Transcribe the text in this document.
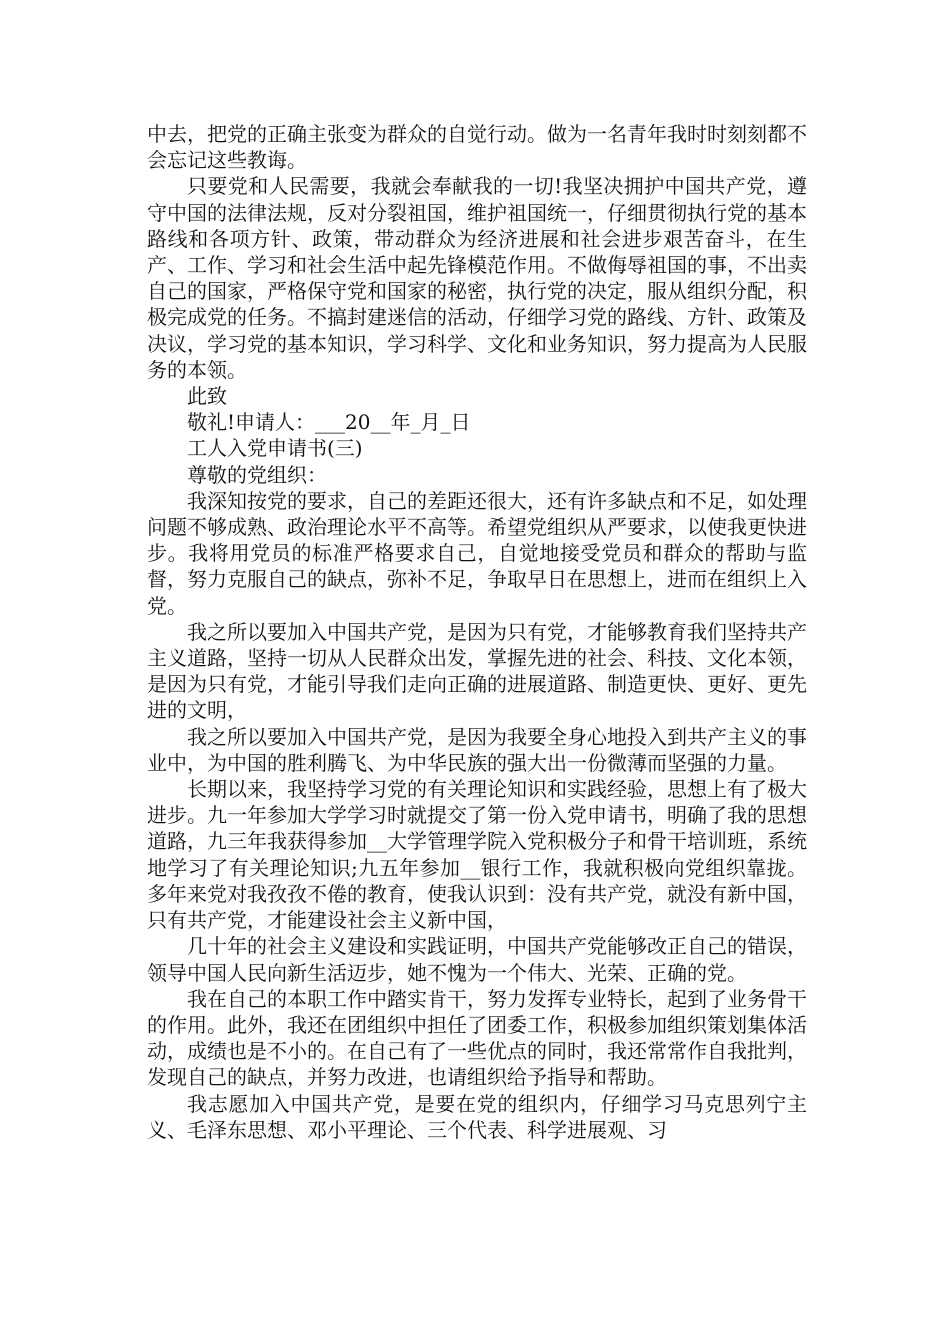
中去，把党的正确主张变为群众的自觉行动。做为一名青年我时时刻刻都不会忘记这些教诲。

只要党和人民需要，我就会奉献我的一切!我坚决拥护中国共产党，遵守中国的法律法规，反对分裂祖国，维护祖国统一，仔细贯彻执行党的基本路线和各项方针、政策，带动群众为经济进展和社会进步艰苦奋斗，在生产、工作、学习和社会生活中起先锋模范作用。不做侮辱祖国的事，不出卖自己的国家，严格保守党和国家的秘密，执行党的决定，服从组织分配，积极完成党的任务。不搞封建迷信的活动，仔细学习党的路线、方针、政策及决议，学习党的基本知识，学习科学、文化和业务知识，努力提高为人民服务的本领。

此致

敬礼!申请人：___20__年_月_日

工人入党申请书(三)

尊敬的党组织：

我深知按党的要求，自己的差距还很大，还有许多缺点和不足，如处理问题不够成熟、政治理论水平不高等。希望党组织从严要求，以使我更快进步。我将用党员的标准严格要求自己，自觉地接受党员和群众的帮助与监督，努力克服自己的缺点，弥补不足，争取早日在思想上，进而在组织上入党。

我之所以要加入中国共产党，是因为只有党，才能够教育我们坚持共产主义道路，坚持一切从人民群众出发，掌握先进的社会、科技、文化本领，是因为只有党，才能引导我们走向正确的进展道路、制造更快、更好、更先进的文明，

我之所以要加入中国共产党，是因为我要全身心地投入到共产主义的事业中，为中国的胜利腾飞、为中华民族的强大出一份微薄而坚强的力量。

长期以来，我坚持学习党的有关理论知识和实践经验，思想上有了极大进步。九一年参加大学学习时就提交了第一份入党申请书，明确了我的思想道路，九三年我获得参加__大学管理学院入党积极分子和骨干培训班，系统地学习了有关理论知识;九五年参加__银行工作，我就积极向党组织靠拢。多年来党对我孜孜不倦的教育，使我认识到：没有共产党，就没有新中国，只有共产党，才能建设社会主义新中国，

几十年的社会主义建设和实践证明，中国共产党能够改正自己的错误，领导中国人民向新生活迈步，她不愧为一个伟大、光荣、正确的党。

我在自己的本职工作中踏实肯干，努力发挥专业特长，起到了业务骨干的作用。此外，我还在团组织中担任了团委工作，积极参加组织策划集体活动，成绩也是不小的。在自己有了一些优点的同时，我还常常作自我批判，发现自己的缺点，并努力改进，也请组织给予指导和帮助。

我志愿加入中国共产党，是要在党的组织内，仔细学习马克思列宁主义、毛泽东思想、邓小平理论、三个代表、科学进展观、习
